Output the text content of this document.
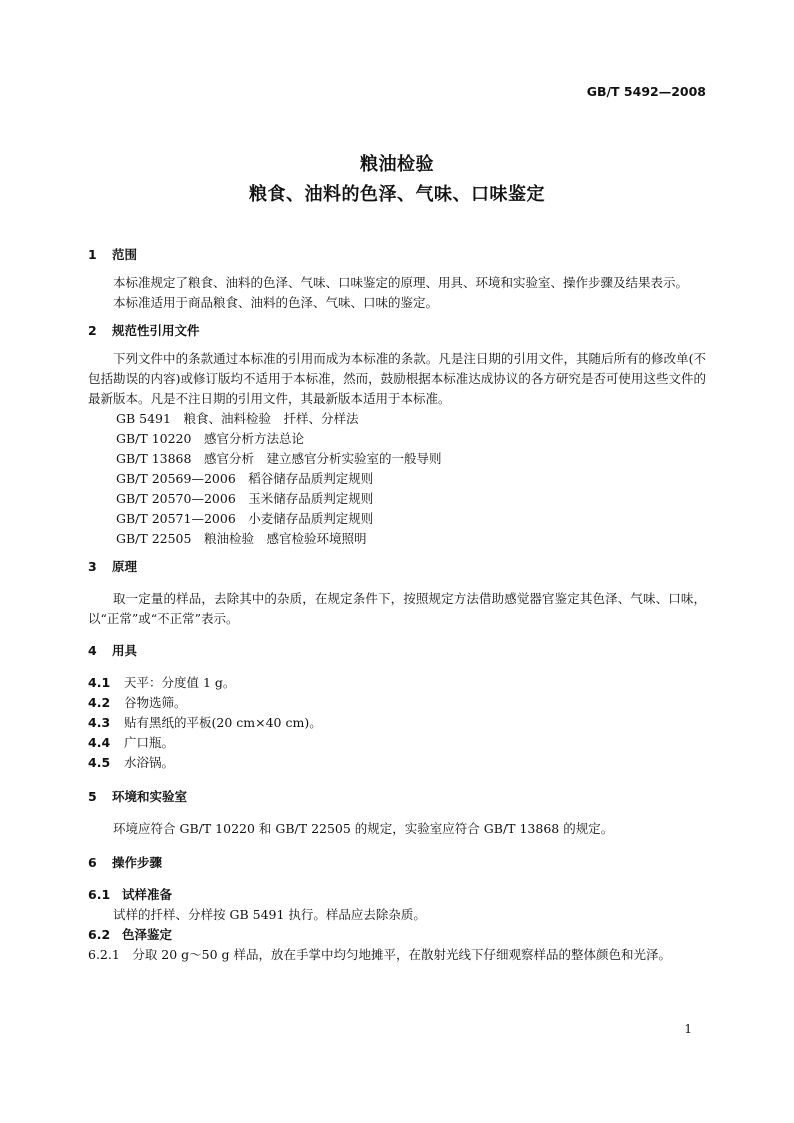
GB/T 5492—2008
粮油检验
粮食、油料的色泽、气味、口味鉴定
1 范围
本标准规定了粮食、油料的色泽、气味、口味鉴定的原理、用具、环境和实验室、操作步骤及结果表示。
本标准适用于商品粮食、油料的色泽、气味、口味的鉴定。
2 规范性引用文件
下列文件中的条款通过本标准的引用而成为本标准的条款。凡是注日期的引用文件，其随后所有的修改单(不包括勘误的内容)或修订版均不适用于本标准，然而，鼓励根据本标准达成协议的各方研究是否可使用这些文件的最新版本。凡是不注日期的引用文件，其最新版本适用于本标准。
GB 5491　粮食、油料检验　扦样、分样法
GB/T 10220　感官分析方法总论
GB/T 13868　感官分析　建立感官分析实验室的一般导则
GB/T 20569—2006　稻谷储存品质判定规则
GB/T 20570—2006　玉米储存品质判定规则
GB/T 20571—2006　小麦储存品质判定规则
GB/T 22505　粮油检验　感官检验环境照明
3 原理
取一定量的样品，去除其中的杂质，在规定条件下，按照规定方法借助感觉器官鉴定其色泽、气味、口味，以“正常”或“不正常”表示。
4 用具
4.1 天平：分度值 1 g。
4.2 谷物选筛。
4.3 贴有黑纸的平板(20 cm×40 cm)。
4.4 广口瓶。
4.5 水浴锅。
5 环境和实验室
环境应符合 GB/T 10220 和 GB/T 22505 的规定，实验室应符合 GB/T 13868 的规定。
6 操作步骤
6.1 试样准备
试样的扦样、分样按 GB 5491 执行。样品应去除杂质。
6.2 色泽鉴定
6.2.1　 分取 20 g～50 g 样品，放在手掌中均匀地摊平，在散射光线下仔细观察样品的整体颜色和光泽。
1
